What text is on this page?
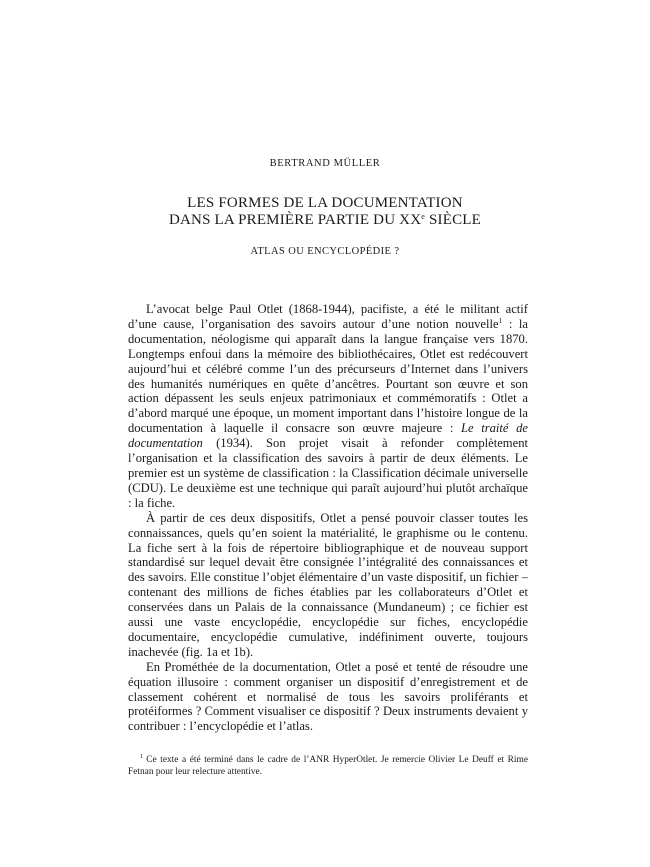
BERTRAND MÜLLER
LES FORMES DE LA DOCUMENTATION
DANS LA PREMIÈRE PARTIE DU XXe SIÈCLE
ATLAS OU ENCYCLOPÉDIE ?

L’avocat belge Paul Otlet (1868-1944), pacifiste, a été le militant actif d’une cause, l’organisation des savoirs autour d’une notion nouvelle$^1$ : la documentation, néologisme qui apparaît dans la langue française vers 1870. Longtemps enfoui dans la mémoire des bibliothécaires, Otlet est redécouvert aujourd’hui et célébré comme l’un des précurseurs d’Internet dans l’univers des humanités numériques en quête d’ancêtres. Pourtant son œuvre et son action dépassent les seuls enjeux patrimoniaux et commémoratifs : Otlet a d’abord marqué une époque, un moment important dans l’histoire longue de la documentation à laquelle il consacre son œuvre majeure : Le traité de documentation (1934). Son projet visait à refonder complètement l’organisation et la classification des savoirs à partir de deux éléments. Le premier est un système de classification : la Classification décimale universelle (CDU). Le deuxième est une technique qui paraît aujourd’hui plutôt archaïque : la fiche.

À partir de ces deux dispositifs, Otlet a pensé pouvoir classer toutes les connaissances, quels qu’en soient la matérialité, le graphisme ou le contenu. La fiche sert à la fois de répertoire bibliographique et de nouveau support standardisé sur lequel devait être consignée l’intégralité des connaissances et des savoirs. Elle constitue l’objet élémentaire d’un vaste dispositif, un fichier – contenant des millions de fiches établies par les collaborateurs d’Otlet et conservées dans un Palais de la connaissance (Mundaneum) ; ce fichier est aussi une vaste encyclopédie, encyclopédie sur fiches, encyclopédie documentaire, encyclopédie cumulative, indéfiniment ouverte, toujours inachevée (fig. 1a et 1b).

En Prométhée de la documentation, Otlet a posé et tenté de résoudre une équation illusoire : comment organiser un dispositif d’enregistrement et de classement cohérent et normalisé de tous les savoirs proliférants et protéiformes ? Comment visualiser ce dispositif ? Deux instruments devaient y contribuer : l’encyclopédie et l’atlas.

$^1$ Ce texte a été terminé dans le cadre de l’ANR HyperOtlet. Je remercie Olivier Le Deuff et Rime Fetnan pour leur relecture attentive.
